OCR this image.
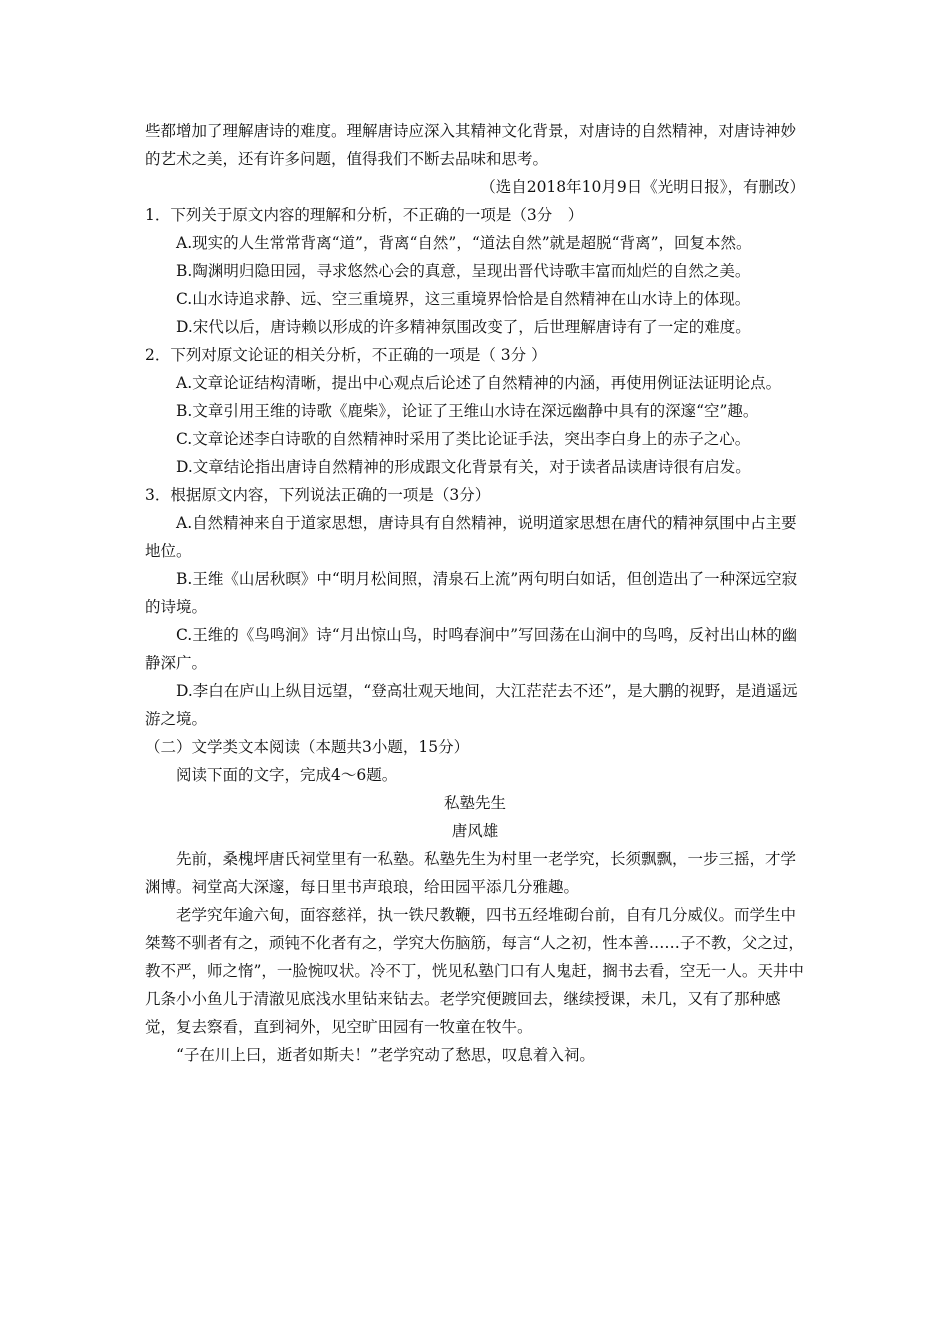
些都增加了理解唐诗的难度。理解唐诗应深入其精神文化背景，对唐诗的自然精神，对唐诗神妙的艺术之美，还有许多问题，值得我们不断去品味和思考。

（选自2018年10月9日《光明日报》，有删改）
1．下列关于原文内容的理解和分析，不正确的一项是（3分　）

A.现实的人生常常背离“道”，背离“自然”，“道法自然”就是超脱“背离”，回复本然。

B.陶渊明归隐田园，寻求悠然心会的真意，呈现出晋代诗歌丰富而灿烂的自然之美。

C.山水诗追求静、远、空三重境界，这三重境界恰恰是自然精神在山水诗上的体现。

D.宋代以后，唐诗赖以形成的许多精神氛围改变了，后世理解唐诗有了一定的难度。

2．下列对原文论证的相关分析，不正确的一项是（ 3分 ）

A.文章论证结构清晰，提出中心观点后论述了自然精神的内涵，再使用例证法证明论点。

B.文章引用王维的诗歌《鹿柴》，论证了王维山水诗在深远幽静中具有的深邃“空”趣。

C.文章论述李白诗歌的自然精神时采用了类比论证手法，突出李白身上的赤子之心。

D.文章结论指出唐诗自然精神的形成跟文化背景有关，对于读者品读唐诗很有启发。

3．根据原文内容，下列说法正确的一项是（3分）

A.自然精神来自于道家思想，唐诗具有自然精神，说明道家思想在唐代的精神氛围中占主要地位。

B.王维《山居秋暝》中“明月松间照，清泉石上流”两句明白如话，但创造出了一种深远空寂的诗境。

C.王维的《鸟鸣涧》诗“月出惊山鸟，时鸣春涧中”写回荡在山涧中的鸟鸣，反衬出山林的幽静深广。

D.李白在庐山上纵目远望，“登高壮观天地间，大江茫茫去不还”，是大鹏的视野，是逍遥远游之境。

（二）文学类文本阅读（本题共3小题，15分）

阅读下面的文字，完成4～6题。

私塾先生
唐风雄

先前，桑槐坪唐氏祠堂里有一私塾。私塾先生为村里一老学究，长须飘飘，一步三摇，才学渊博。祠堂高大深邃，每日里书声琅琅，给田园平添几分雅趣。

老学究年逾六甸，面容慈祥，执一铁尺教鞭，四书五经堆砌台前，自有几分威仪。而学生中桀骜不驯者有之，顽钝不化者有之，学究大伤脑筋，每言“人之初，性本善……子不教，父之过，教不严，师之惰”，一脸惋叹状。冷不丁，恍见私塾门口有人鬼赶，搁书去看，空无一人。天井中几条小小鱼儿于清澈见底浅水里钻来钻去。老学究便踱回去，继续授课，未几，又有了那种感觉，复去察看，直到祠外，见空旷田园有一牧童在牧牛。

“子在川上曰，逝者如斯夫！”老学究动了愁思，叹息着入祠。
